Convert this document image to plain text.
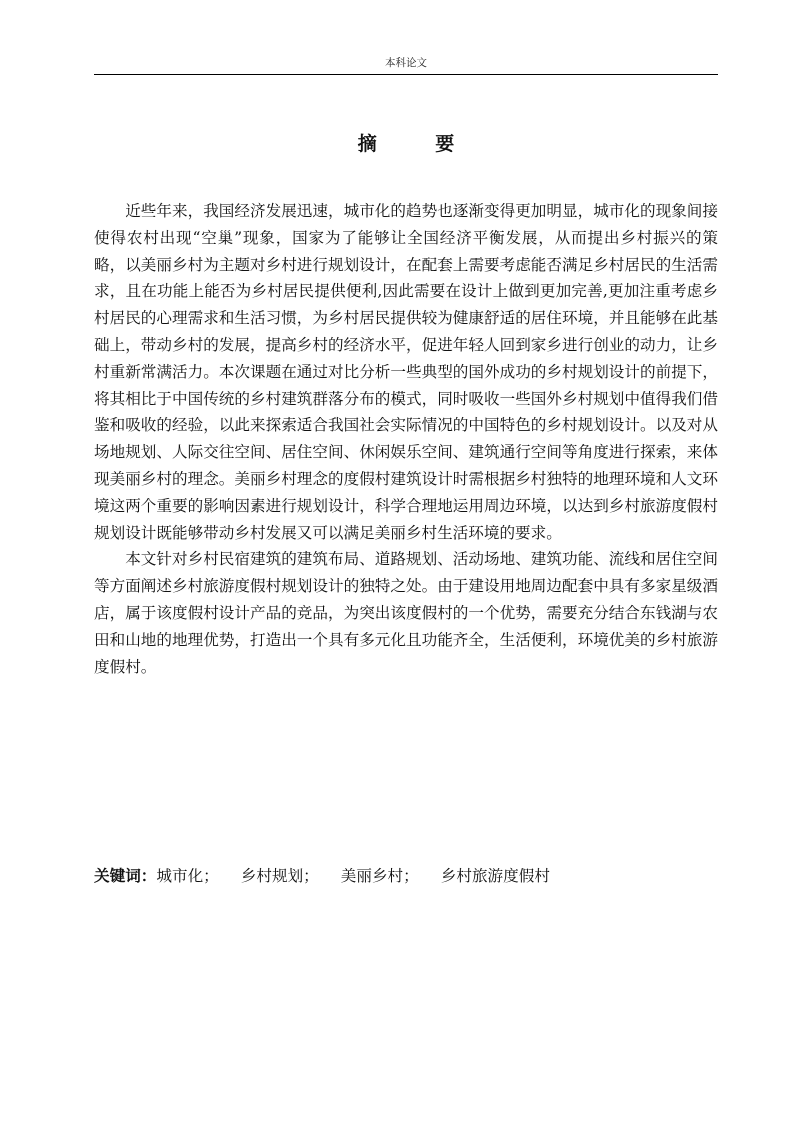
本科论文
摘 要

近些年来，我国经济发展迅速，城市化的趋势也逐渐变得更加明显，城市化的现象间接使得农村出现“空巢”现象，国家为了能够让全国经济平衡发展，从而提出乡村振兴的策略，以美丽乡村为主题对乡村进行规划设计，在配套上需要考虑能否满足乡村居民的生活需求，且在功能上能否为乡村居民提供便利,因此需要在设计上做到更加完善,更加注重考虑乡村居民的心理需求和生活习惯，为乡村居民提供较为健康舒适的居住环境，并且能够在此基础上，带动乡村的发展，提高乡村的经济水平，促进年轻人回到家乡进行创业的动力，让乡村重新常满活力。本次课题在通过对比分析一些典型的国外成功的乡村规划设计的前提下，将其相比于中国传统的乡村建筑群落分布的模式，同时吸收一些国外乡村规划中值得我们借鉴和吸收的经验，以此来探索适合我国社会实际情况的中国特色的乡村规划设计。以及对从场地规划、人际交往空间、居住空间、休闲娱乐空间、建筑通行空间等角度进行探索，来体现美丽乡村的理念。美丽乡村理念的度假村建筑设计时需根据乡村独特的地理环境和人文环境这两个重要的影响因素进行规划设计，科学合理地运用周边环境，以达到乡村旅游度假村规划设计既能够带动乡村发展又可以满足美丽乡村生活环境的要求。

本文针对乡村民宿建筑的建筑布局、道路规划、活动场地、建筑功能、流线和居住空间等方面阐述乡村旅游度假村规划设计的独特之处。由于建设用地周边配套中具有多家星级酒店，属于该度假村设计产品的竞品，为突出该度假村的一个优势，需要充分结合东钱湖与农田和山地的地理优势，打造出一个具有多元化且功能齐全，生活便利，环境优美的乡村旅游度假村。

关键词：城市化； 乡村规划； 美丽乡村； 乡村旅游度假村
